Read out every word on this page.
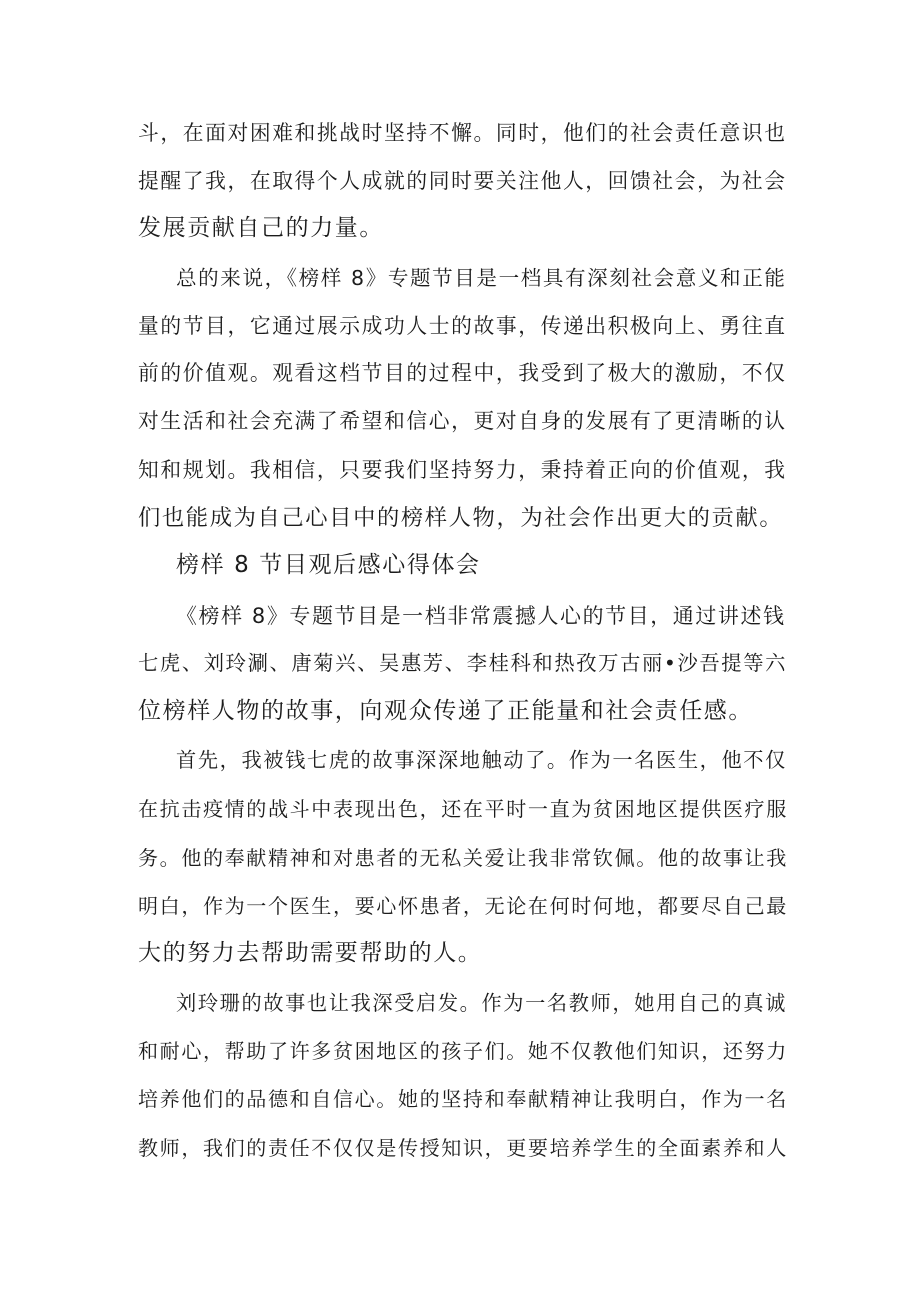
斗，在面对困难和挑战时坚持不懈。同时，他们的社会责任意识也
提醒了我，在取得个人成就的同时要关注他人，回馈社会，为社会
发展贡献自己的力量。
总的来说，《榜样 8》专题节目是一档具有深刻社会意义和正能
量的节目，它通过展示成功人士的故事，传递出积极向上、勇往直
前的价值观。观看这档节目的过程中，我受到了极大的激励，不仅
对生活和社会充满了希望和信心，更对自身的发展有了更清晰的认
知和规划。我相信，只要我们坚持努力，秉持着正向的价值观，我
们也能成为自己心目中的榜样人物，为社会作出更大的贡献。
榜样 8 节目观后感心得体会
《榜样 8》专题节目是一档非常震撼人心的节目，通过讲述钱
七虎、刘玲涮、唐菊兴、吴惠芳、李桂科和热孜万古丽•沙吾提等六
位榜样人物的故事，向观众传递了正能量和社会责任感。
首先，我被钱七虎的故事深深地触动了。作为一名医生，他不仅
在抗击疫情的战斗中表现出色，还在平时一直为贫困地区提供医疗服
务。他的奉献精神和对患者的无私关爱让我非常钦佩。他的故事让我
明白，作为一个医生，要心怀患者，无论在何时何地，都要尽自己最
大的努力去帮助需要帮助的人。
刘玲珊的故事也让我深受启发。作为一名教师，她用自己的真诚
和耐心，帮助了许多贫困地区的孩子们。她不仅教他们知识，还努力
培养他们的品德和自信心。她的坚持和奉献精神让我明白，作为一名
教师，我们的责任不仅仅是传授知识，更要培养学生的全面素养和人
